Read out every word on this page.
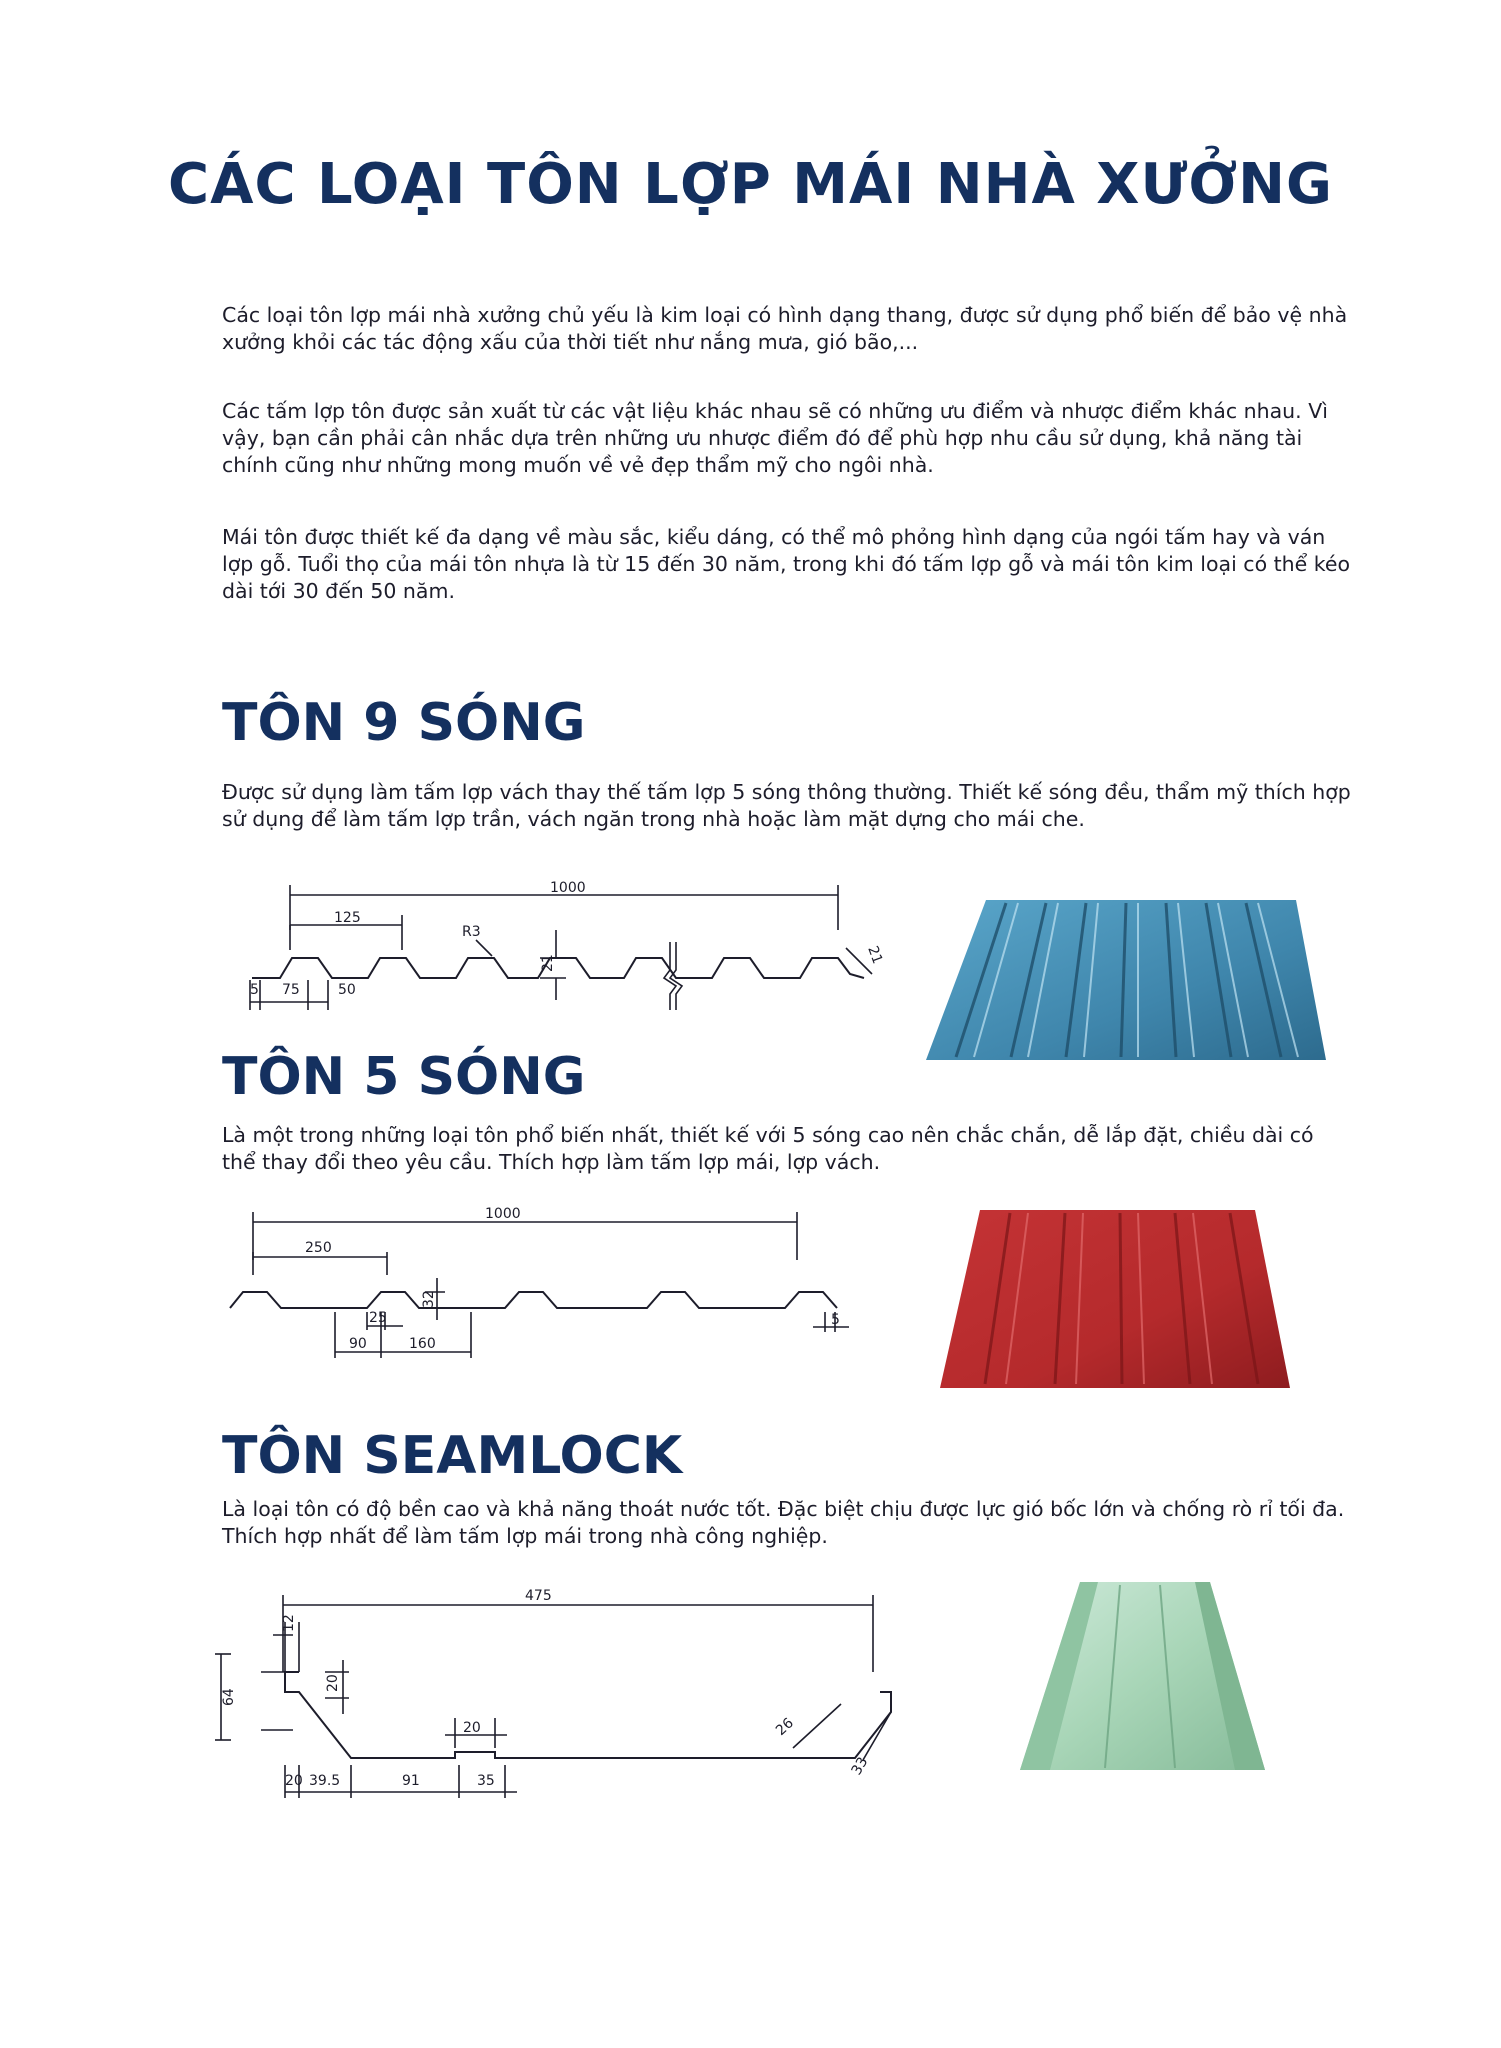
CÁC LOẠI TÔN LỢP MÁI NHÀ XƯỞNG

Các loại tôn lợp mái nhà xưởng chủ yếu là kim loại có hình dạng thang, được sử dụng phổ biến để bảo vệ nhà xưởng khỏi các tác động xấu của thời tiết như nắng mưa, gió bão,...

Các tấm lợp tôn được sản xuất từ các vật liệu khác nhau sẽ có những ưu điểm và nhược điểm khác nhau. Vì vậy, bạn cần phải cân nhắc dựa trên những ưu nhược điểm đó để phù hợp nhu cầu sử dụng, khả năng tài chính cũng như những mong muốn về vẻ đẹp thẩm mỹ cho ngôi nhà.

Mái tôn được thiết kế đa dạng về màu sắc, kiểu dáng, có thể mô phỏng hình dạng của ngói tấm hay và ván lợp gỗ. Tuổi thọ của mái tôn nhựa là từ 15 đến 30 năm, trong khi đó tấm lợp gỗ và mái tôn kim loại có thể kéo dài tới 30 đến 50 năm.

TÔN 9 SÓNG

Được sử dụng làm tấm lợp vách thay thế tấm lợp 5 sóng thông thường. Thiết kế sóng đều, thẩm mỹ thích hợp sử dụng để làm tấm lợp trần, vách ngăn trong nhà hoặc làm mặt dựng cho mái che.

1000
125
R3
21	21
5 75	50
TÔN 5 SÓNG

Là một trong những loại tôn phổ biến nhất, thiết kế với 5 sóng cao nên chắc chắn, dễ lắp đặt, chiều dài có thể thay đổi theo yêu cầu. Thích hợp làm tấm lợp mái, lợp vách.

1000
250
32
25	5
90	160
TÔN SEAMLOCK

Là loại tôn có độ bền cao và khả năng thoát nước tốt. Đặc biệt chịu được lực gió bốc lớn và chống rò rỉ tối đa. Thích hợp nhất để làm tấm lợp mái trong nhà công nghiệp.

475
12
64
20
20	26
33
20 39.5	91	35
